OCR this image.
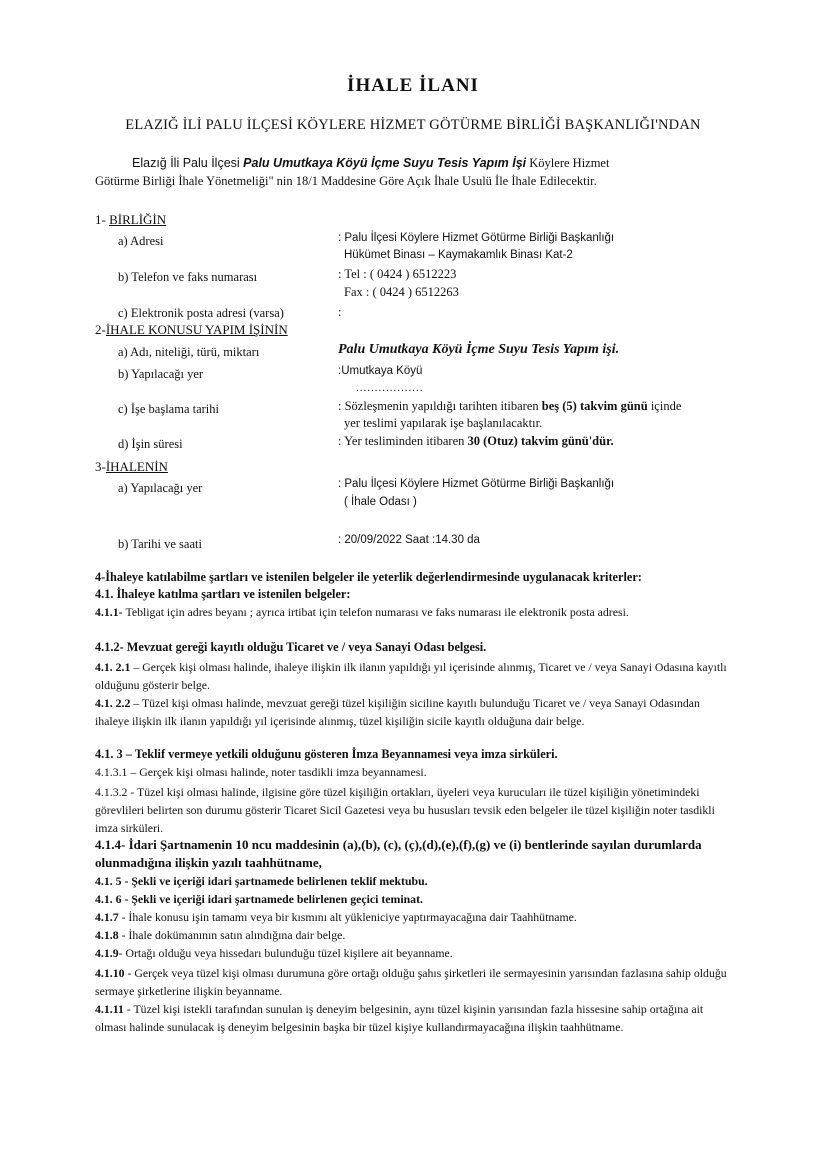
İHALE İLANI
ELAZIĞ İLİ PALU İLÇESİ KÖYLERE HİZMET GÖTÜRME BİRLİĞİ BAŞKANLIĞI'NDAN
Elazığ İli Palu İlçesi Palu Umutkaya Köyü İçme Suyu Tesis Yapım İşi Köylere Hizmet
Götürme Birliği İhale Yönetmeliği" nin 18/1 Maddesine Göre Açık İhale Usulü İle İhale Edilecektir.
1- BİRLİĞİN
a) Adresi	: Palu İlçesi Köylere Hizmet Götürme Birliği Başkanlığı
Hükümet Binası – Kaymakamlık Binası Kat-2
b) Telefon ve faks numarası	: Tel : ( 0424 ) 6512223
Fax : ( 0424 ) 6512263
c) Elektronik posta adresi (varsa)	:
2-İHALE KONUSU YAPIM İŞİNİN
a) Adı, niteliği, türü, miktarı	Palu Umutkaya Köyü İçme Suyu Tesis Yapım işi.
b) Yapılacağı yer	:Umutkaya Köyü
..................
c) İşe başlama tarihi	: Sözleşmenin yapıldığı tarihten itibaren beş (5) takvim günü içinde
yer teslimi yapılarak işe başlanılacaktır.
d) İşin süresi	: Yer tesliminden itibaren 30 (Otuz) takvim günü'dür.
3-İHALENİN
a) Yapılacağı yer	: Palu İlçesi Köylere Hizmet Götürme Birliği Başkanlığı
( İhale Odası )
b) Tarihi ve saati	: 20/09/2022 Saat :14.30 da
4-İhaleye katılabilme şartları ve istenilen belgeler ile yeterlik değerlendirmesinde uygulanacak kriterler:
4.1. İhaleye katılma şartları ve istenilen belgeler:
4.1.1- Tebligat için adres beyanı ; ayrıca irtibat için telefon numarası ve faks numarası ile elektronik posta adresi.
4.1.2- Mevzuat gereği kayıtlı olduğu Ticaret ve / veya Sanayi Odası belgesi.
4.1. 2.1 – Gerçek kişi olması halinde, ihaleye ilişkin ilk ilanın yapıldığı yıl içerisinde alınmış, Ticaret ve / veya Sanayi Odasına kayıtlı olduğunu gösterir belge.
4.1. 2.2 – Tüzel kişi olması halinde, mevzuat gereği tüzel kişiliğin siciline kayıtlı bulunduğu Ticaret ve / veya Sanayi Odasından ihaleye ilişkin ilk ilanın yapıldığı yıl içerisinde alınmış, tüzel kişiliğin sicile kayıtlı olduğuna dair belge.
4.1. 3 – Teklif vermeye yetkili olduğunu gösteren İmza Beyannamesi veya imza sirküleri.
4.1.3.1 – Gerçek kişi olması halinde, noter tasdikli imza beyannamesi.
4.1.3.2 - Tüzel kişi olması halinde, ilgisine göre tüzel kişiliğin ortakları, üyeleri veya kurucuları ile tüzel kişiliğin yönetimindeki görevlileri belirten son durumu gösterir Ticaret Sicil Gazetesi veya bu hususları tevsik eden belgeler ile tüzel kişiliğin noter tasdikli imza sirküleri.
4.1.4- İdari Şartnamenin 10 ncu maddesinin (a),(b), (c), (ç),(d),(e),(f),(g) ve (i) bentlerinde sayılan durumlarda olunmadığına ilişkin yazılı taahhütname,
4.1. 5 - Şekli ve içeriği idari şartnamede belirlenen teklif mektubu.
4.1. 6 - Şekli ve içeriği idari şartnamede belirlenen geçici teminat.
4.1.7 - İhale konusu işin tamamı veya bir kısmını alt yükleniciye yaptırmayacağına dair Taahhütname.
4.1.8 - İhale dokümanının satın alındığına dair belge.
4.1.9- Ortağı olduğu veya hissedarı bulunduğu tüzel kişilere ait beyanname.
4.1.10 - Gerçek veya tüzel kişi olması durumuna göre ortağı olduğu şahıs şirketleri ile sermayesinin yarısından fazlasına sahip olduğu sermaye şirketlerine ilişkin beyanname.
4.1.11 - Tüzel kişi istekli tarafından sunulan iş deneyim belgesinin, aynı tüzel kişinin yarısından fazla hissesine sahip ortağına ait olması halinde sunulacak iş deneyim belgesinin başka bir tüzel kişiye kullandırmayacağına ilişkin taahhütname.
